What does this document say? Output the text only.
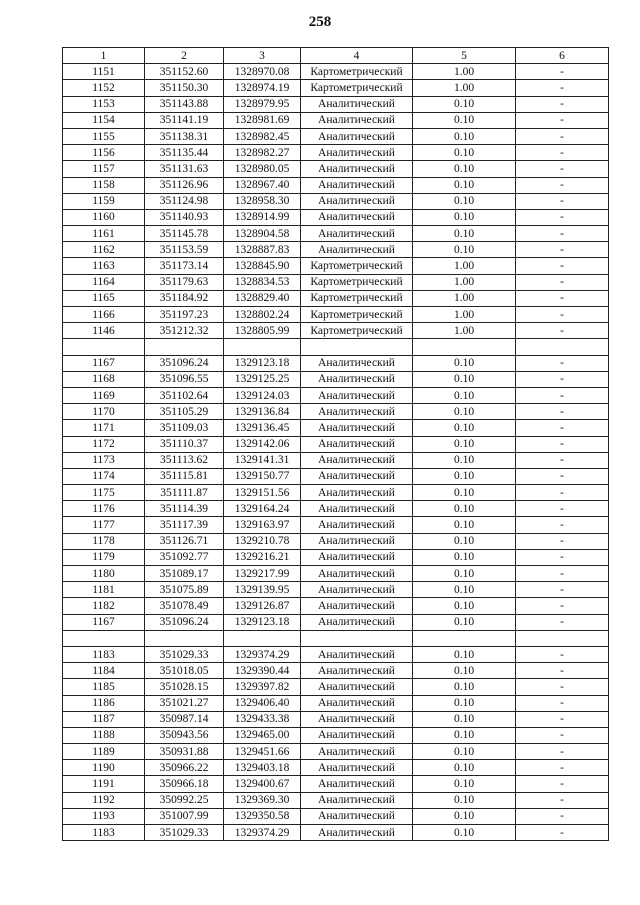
258
1	2	3	4	5	6
1151	351152.60	1328970.08	Картометрический	1.00	-
1152	351150.30	1328974.19	Картометрический	1.00	-
1153	351143.88	1328979.95	Аналитический	0.10	-
1154	351141.19	1328981.69	Аналитический	0.10	-
1155	351138.31	1328982.45	Аналитический	0.10	-
1156	351135.44	1328982.27	Аналитический	0.10	-
1157	351131.63	1328980.05	Аналитический	0.10	-
1158	351126.96	1328967.40	Аналитический	0.10	-
1159	351124.98	1328958.30	Аналитический	0.10	-
1160	351140.93	1328914.99	Аналитический	0.10	-
1161	351145.78	1328904.58	Аналитический	0.10	-
1162	351153.59	1328887.83	Аналитический	0.10	-
1163	351173.14	1328845.90	Картометрический	1.00	-
1164	351179.63	1328834.53	Картометрический	1.00	-
1165	351184.92	1328829.40	Картометрический	1.00	-
1166	351197.23	1328802.24	Картометрический	1.00	-
1146	351212.32	1328805.99	Картометрический	1.00	-

1167	351096.24	1329123.18	Аналитический	0.10	-
1168	351096.55	1329125.25	Аналитический	0.10	-
1169	351102.64	1329124.03	Аналитический	0.10	-
1170	351105.29	1329136.84	Аналитический	0.10	-
1171	351109.03	1329136.45	Аналитический	0.10	-
1172	351110.37	1329142.06	Аналитический	0.10	-
1173	351113.62	1329141.31	Аналитический	0.10	-
1174	351115.81	1329150.77	Аналитический	0.10	-
1175	351111.87	1329151.56	Аналитический	0.10	-
1176	351114.39	1329164.24	Аналитический	0.10	-
1177	351117.39	1329163.97	Аналитический	0.10	-
1178	351126.71	1329210.78	Аналитический	0.10	-
1179	351092.77	1329216.21	Аналитический	0.10	-
1180	351089.17	1329217.99	Аналитический	0.10	-
1181	351075.89	1329139.95	Аналитический	0.10	-
1182	351078.49	1329126.87	Аналитический	0.10	-
1167	351096.24	1329123.18	Аналитический	0.10	-

1183	351029.33	1329374.29	Аналитический	0.10	-
1184	351018.05	1329390.44	Аналитический	0.10	-
1185	351028.15	1329397.82	Аналитический	0.10	-
1186	351021.27	1329406.40	Аналитический	0.10	-
1187	350987.14	1329433.38	Аналитический	0.10	-
1188	350943.56	1329465.00	Аналитический	0.10	-
1189	350931.88	1329451.66	Аналитический	0.10	-
1190	350966.22	1329403.18	Аналитический	0.10	-
1191	350966.18	1329400.67	Аналитический	0.10	-
1192	350992.25	1329369.30	Аналитический	0.10	-
1193	351007.99	1329350.58	Аналитический	0.10	-
1183	351029.33	1329374.29	Аналитический	0.10	-
